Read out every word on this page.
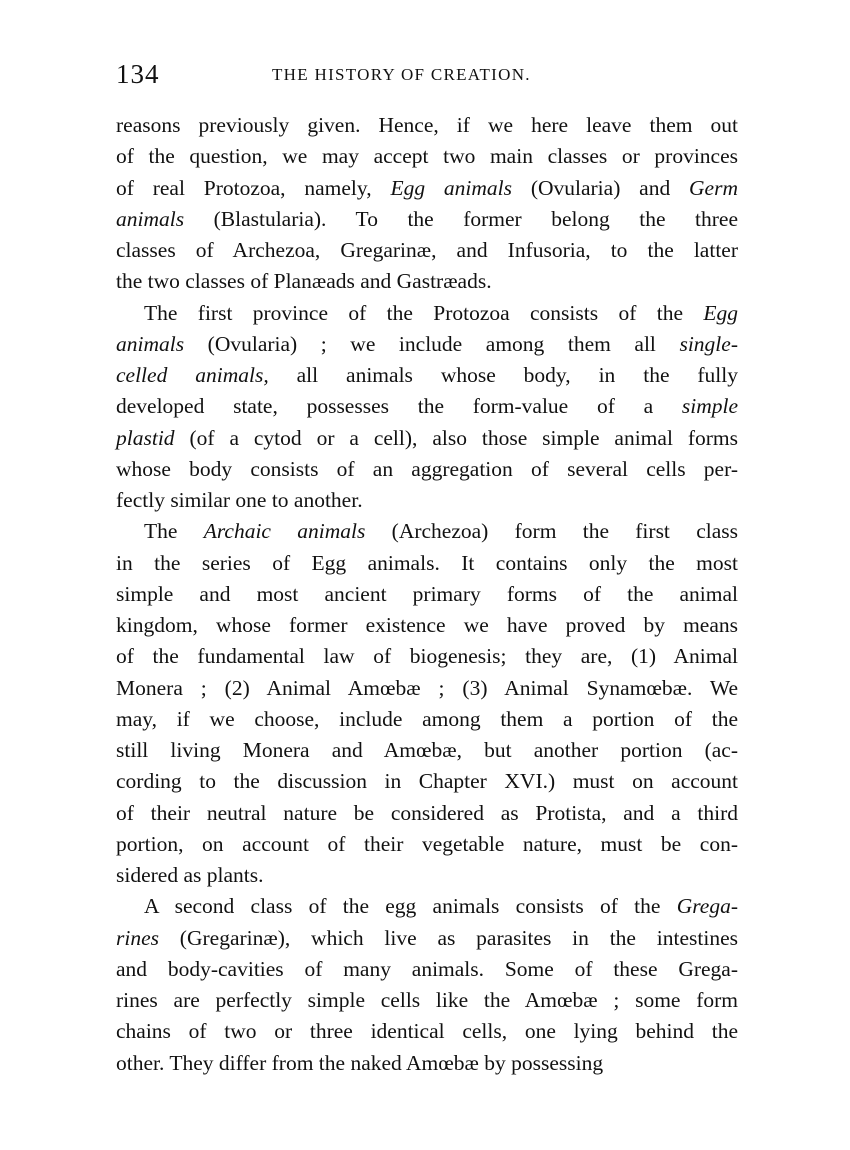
134	THE HISTORY OF CREATION.
reasons previously given. Hence, if we here leave them out
of the question, we may accept two main classes or provinces
of real Protozoa, namely, Egg animals (Ovularia) and Germ
animals (Blastularia). To the former belong the three
classes of Archezoa, Gregarinæ, and Infusoria, to the latter
the two classes of Planæads and Gastræads.
The first province of the Protozoa consists of the Egg
animals (Ovularia) ; we include among them all single-
celled animals, all animals whose body, in the fully
developed state, possesses the form-value of a simple
plastid (of a cytod or a cell), also those simple animal forms
whose body consists of an aggregation of several cells per-
fectly similar one to another.
The Archaic animals (Archezoa) form the first class
in the series of Egg animals. It contains only the most
simple and most ancient primary forms of the animal
kingdom, whose former existence we have proved by means
of the fundamental law of biogenesis; they are, (1) Animal
Monera ; (2) Animal Amœbæ ; (3) Animal Synamœbæ. We
may, if we choose, include among them a portion of the
still living Monera and Amœbæ, but another portion (ac-
cording to the discussion in Chapter XVI.) must on account
of their neutral nature be considered as Protista, and a third
portion, on account of their vegetable nature, must be con-
sidered as plants.
A second class of the egg animals consists of the Grega-
rines (Gregarinæ), which live as parasites in the intestines
and body-cavities of many animals. Some of these Grega-
rines are perfectly simple cells like the Amœbæ ; some form
chains of two or three identical cells, one lying behind the
other. They differ from the naked Amœbæ by possessing
